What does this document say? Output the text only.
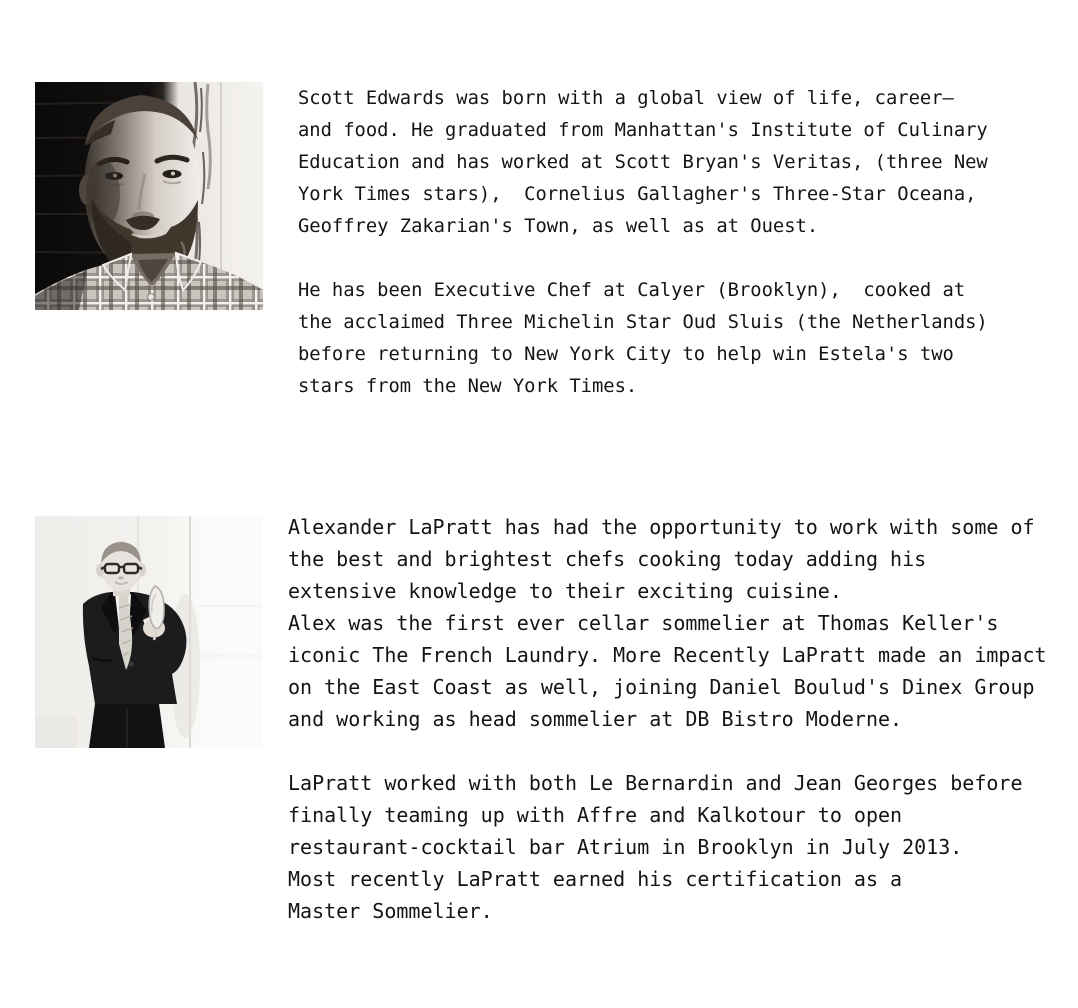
Scott Edwards was born with a global view of life, career—
and food. He graduated from Manhattan's Institute of Culinary
Education and has worked at Scott Bryan's Veritas, (three New
York Times stars),  Cornelius Gallagher's Three-Star Oceana,
Geoffrey Zakarian's Town, as well as at Ouest.
He has been Executive Chef at Calyer (Brooklyn),  cooked at
the acclaimed Three Michelin Star Oud Sluis (the Netherlands)
before returning to New York City to help win Estela's two
stars from the New York Times.
Alexander LaPratt has had the opportunity to work with some of
the best and brightest chefs cooking today adding his
extensive knowledge to their exciting cuisine.
Alex was the first ever cellar sommelier at Thomas Keller's
iconic The French Laundry. More Recently LaPratt made an impact
on the East Coast as well, joining Daniel Boulud's Dinex Group
and working as head sommelier at DB Bistro Moderne.
LaPratt worked with both Le Bernardin and Jean Georges before
finally teaming up with Affre and Kalkotour to open
restaurant-cocktail bar Atrium in Brooklyn in July 2013.
Most recently LaPratt earned his certification as a
Master Sommelier.
